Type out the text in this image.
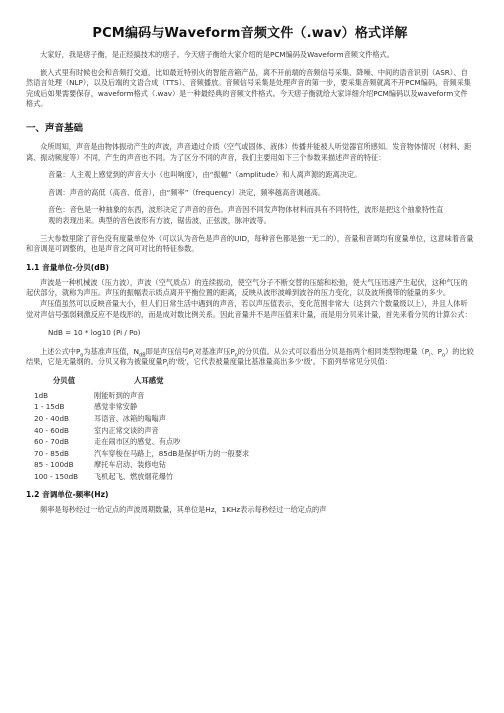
PCM编码与Waveform音频文件（.wav）格式详解

大家好，我是痞子衡，是正经搞技术的痞子。今天痞子衡给大家介绍的是PCM编码及Waveform音频文件格式。

嵌入式里有时候也会和音频打交道，比如最近特别火的智能音箱产品，离不开前端的音频信号采集、降噪、中间的语音识别（ASR）、自然语言处理（NLP），以及后端的文语合成（TTS）、音频播放。音频信号采集是处理声音的第一步，要采集音频就离不开PCM编码，音频采集完成后如果需要保存，waveform格式（.wav）是一种最经典的音频文件格式。今天痞子衡就给大家详细介绍PCM编码以及waveform文件格式。

一、声音基础

众所周知，声音是由物体振动产生的声波，声音通过介质（空气或固体、液体）传播并能被人听觉器官所感知。发音物体情况（材料、距离、振动频度等）不同，产生的声音也不同。为了区分不同的声音，我们主要用如下三个参数来描述声音的特征：

音量：人主观上感觉到的声音大小（也叫响度），由“振幅”（amplitude）和人离声源的距离决定。

音调：声音的高低（高音、低音），由“频率”（frequency）决定，频率越高音调越高。

音色：音色是一种抽象的东西，波形决定了声音的音色。声音因不同发声物体材料而具有不同特性，波形是把这个抽象特性直观的表现出来。典型的音色波形有方波，锯齿波，正弦波，脉冲波等。

三大参数里除了音色没有度量单位外（可以认为音色是声音的UID，每种音色都是独一无二的），音量和音调均有度量单位，这意味着音量和音调是可调整的，也是声音之间可对比的特征参数。

1.1 音量单位-分贝(dB)

声波是一种机械波（压力波），声波（空气质点）的连续振动，使空气分子不断交替的压缩和松弛，使大气压迅速产生起伏，这种气压的起伏部分，就称为声压。声压的振幅表示质点离开平衡位置的距离，反映从波形波峰到波谷的压力变化，以及波所携带的能量的多少。

声压值虽然可以反映音量大小，但人们日常生活中遇到的声音，若以声压值表示，变化范围非常大（达到六个数量级以上），并且人体听觉对声信号强弱刺激反应不是线形的，而是成对数比例关系。因此音量并不是声压值来计量，而是用分贝来计量，首先来看分贝的计算公式：

NdB = 10 * log10 (Pi / Po)

上述公式中$P_o$为基准声压值，$N_{dB}$即是声压信号$P_i$对基准声压$P_o$的分贝值。从公式可以看出分贝是指两个相同类型物理量（$P_i$、$P_o$）的比较结果，它是无量纲的。分贝又称为被量度量$P_i$的'级'，它代表被量度量比基准量高出多少'级'。下面列举常见分贝值：

分贝值	人耳感觉
1dB	刚能听到的声音
1 - 15dB	感觉非常安静
20 - 40dB	耳语音、冰箱的嗡嗡声
40 - 60dB	室内正常交谈的声音
60 - 70dB	走在闹市区的感觉、有点吵
70 - 85dB	汽车穿梭在马路上，85dB是保护听力的一般要求
85 - 100dB	摩托车启动、装修电钻
100 - 150dB	飞机起飞、燃放烟花爆竹
1.2 音调单位-频率(Hz)

频率是每秒经过一给定点的声波周期数量，其单位是Hz，1KHz表示每秒经过一给定点的声
